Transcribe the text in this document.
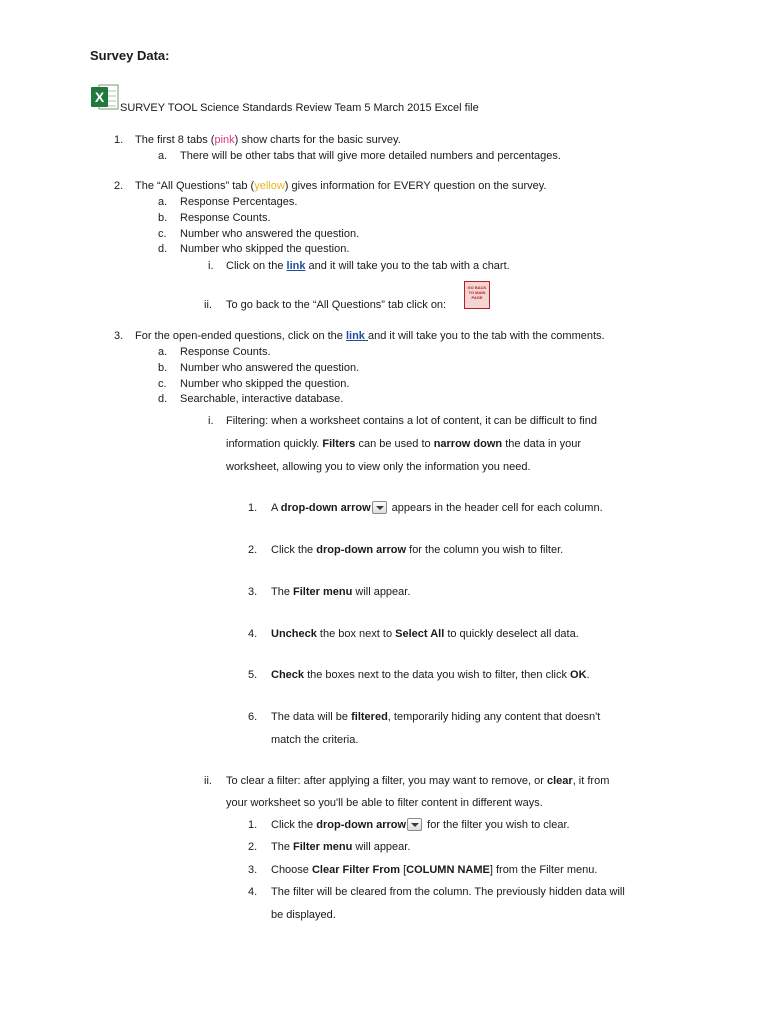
Survey Data:
X
SURVEY TOOL Science Standards Review Team 5 March 2015 Excel file
1. The first 8 tabs (pink) show charts for the basic survey.
a. There will be other tabs that will give more detailed numbers and percentages.
2. The “All Questions” tab (yellow) gives information for EVERY question on the survey.
a. Response Percentages.
b. Response Counts.
c. Number who answered the question.
d. Number who skipped the question.
i. Click on the link and it will take you to the tab with a chart.
ii. To go back to the “All Questions” tab click on:
GO BACK TO MAIN PAGE
3. For the open-ended questions, click on the link and it will take you to the tab with the comments.
a. Response Counts.
b. Number who answered the question.
c. Number who skipped the question.
d. Searchable, interactive database.
i. Filtering: when a worksheet contains a lot of content, it can be difficult to find
information quickly. Filters can be used to narrow down the data in your
worksheet, allowing you to view only the information you need.
1. A drop-down arrow appears in the header cell for each column.
2. Click the drop-down arrow for the column you wish to filter.
3. The Filter menu will appear.
4. Uncheck the box next to Select All to quickly deselect all data.
5. Check the boxes next to the data you wish to filter, then click OK.
6. The data will be filtered, temporarily hiding any content that doesn't
match the criteria.
ii. To clear a filter: after applying a filter, you may want to remove, or clear, it from
your worksheet so you'll be able to filter content in different ways.
1. Click the drop-down arrow for the filter you wish to clear.
2. The Filter menu will appear.
3. Choose Clear Filter From [COLUMN NAME] from the Filter menu.
4. The filter will be cleared from the column. The previously hidden data will
be displayed.
